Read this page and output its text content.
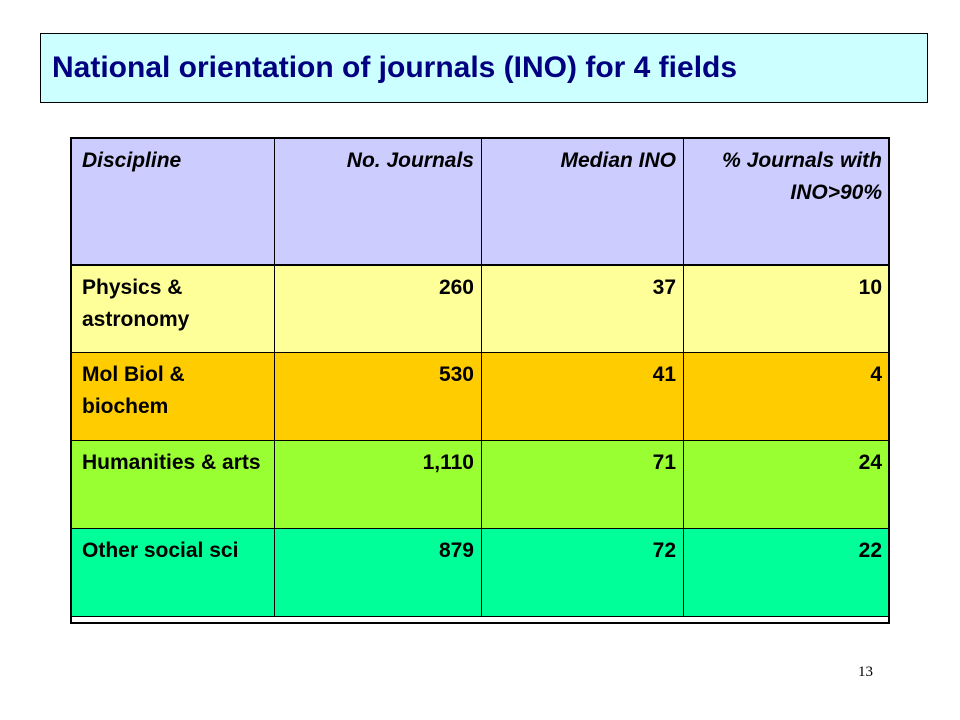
National orientation of journals (INO) for 4 fields
Discipline	No. Journals	Median INO	% Journals with INO>90%
Physics & astronomy	260	37	10
Mol Biol & biochem	530	41	4
Humanities & arts	1,110	71	24
Other social sci	879	72	22
13
